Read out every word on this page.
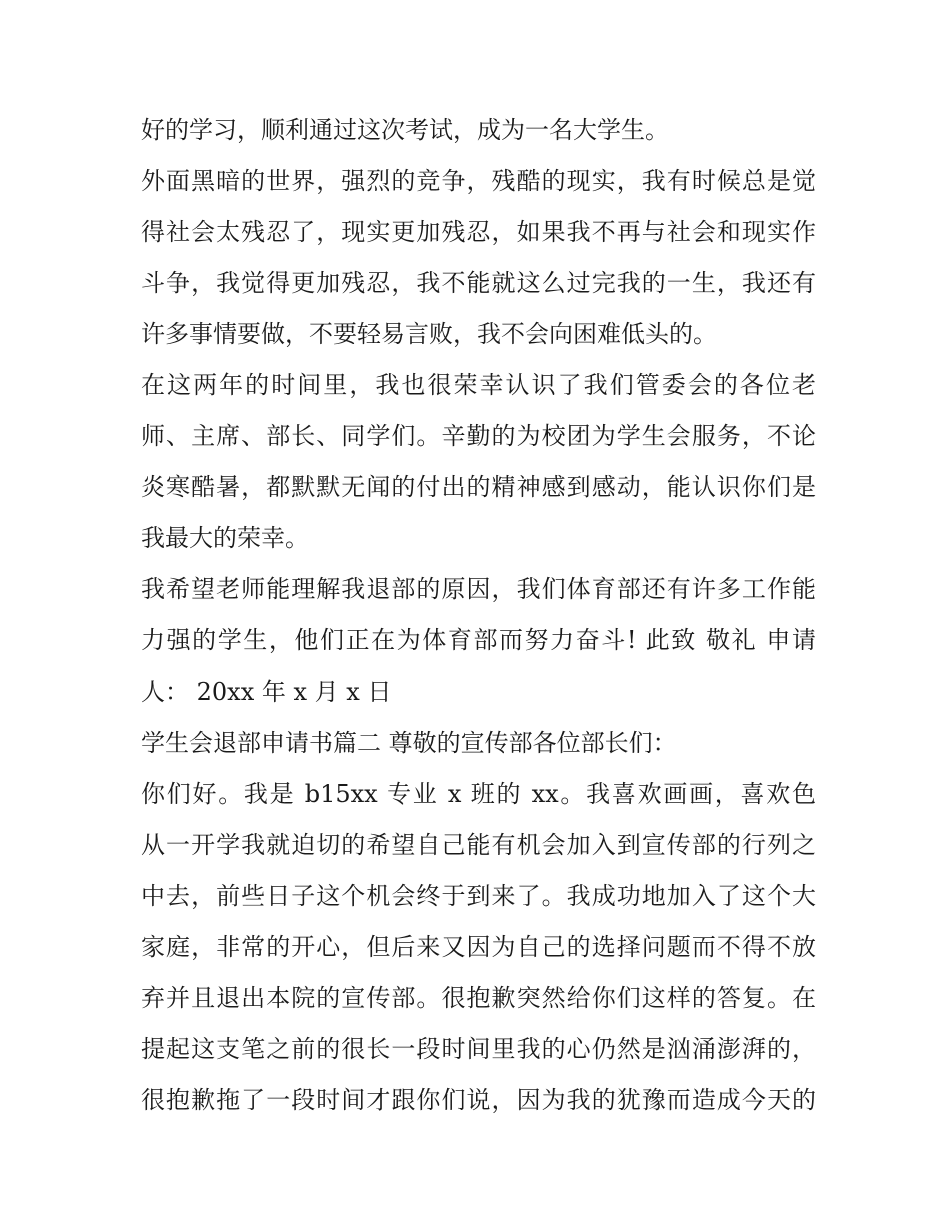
好的学习，顺利通过这次考试，成为一名大学生。
外面黑暗的世界，强烈的竞争，残酷的现实，我有时候总是觉
得社会太残忍了，现实更加残忍，如果我不再与社会和现实作
斗争，我觉得更加残忍，我不能就这么过完我的一生，我还有
许多事情要做，不要轻易言败，我不会向困难低头的。
在这两年的时间里，我也很荣幸认识了我们管委会的各位老
师、主席、部长、同学们。辛勤的为校团为学生会服务，不论
炎寒酷暑，都默默无闻的付出的精神感到感动，能认识你们是
我最大的荣幸。
我希望老师能理解我退部的原因，我们体育部还有许多工作能
力强的学生，他们正在为体育部而努力奋斗! 此致 敬礼 申请
人： 20xx 年 x 月 x 日
学生会退部申请书篇二 尊敬的宣传部各位部长们：
你们好。我是 b15xx 专业 x 班的 xx。我喜欢画画，喜欢色
从一开学我就迫切的希望自己能有机会加入到宣传部的行列之
中去，前些日子这个机会终于到来了。我成功地加入了这个大
家庭，非常的开心，但后来又因为自己的选择问题而不得不放
弃并且退出本院的宣传部。很抱歉突然给你们这样的答复。在
提起这支笔之前的很长一段时间里我的心仍然是汹涌澎湃的，
很抱歉拖了一段时间才跟你们说，因为我的犹豫而造成今天的
